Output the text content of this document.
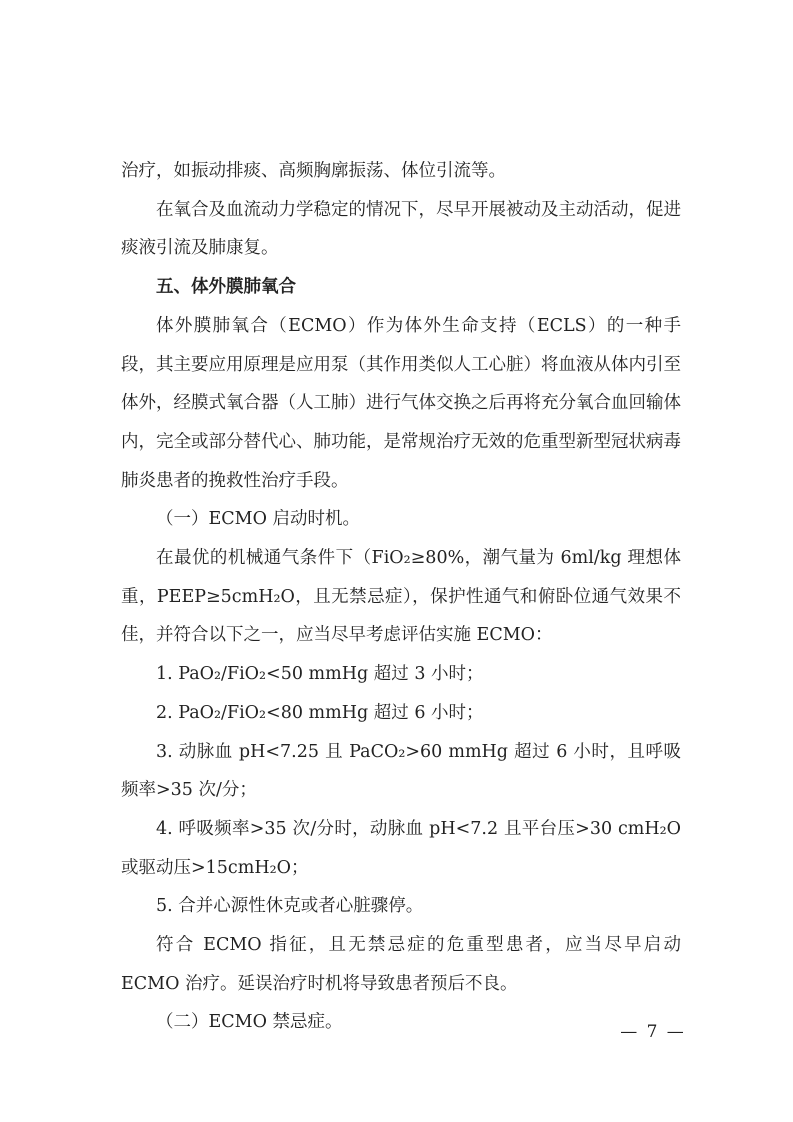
治疗，如振动排痰、高频胸廓振荡、体位引流等。

在氧合及血流动力学稳定的情况下，尽早开展被动及主动活动，促进痰液引流及肺康复。

五、体外膜肺氧合

体外膜肺氧合（ECMO）作为体外生命支持（ECLS）的一种手段，其主要应用原理是应用泵（其作用类似人工心脏）将血液从体内引至体外，经膜式氧合器（人工肺）进行气体交换之后再将充分氧合血回输体内，完全或部分替代心、肺功能，是常规治疗无效的危重型新型冠状病毒肺炎患者的挽救性治疗手段。

（一）ECMO 启动时机。

在最优的机械通气条件下（FiO₂≥80%，潮气量为 6ml/kg 理想体重，PEEP≥5cmH₂O，且无禁忌症），保护性通气和俯卧位通气效果不佳，并符合以下之一，应当尽早考虑评估实施 ECMO：

1. PaO₂/FiO₂<50 mmHg 超过 3 小时；

2. PaO₂/FiO₂<80 mmHg 超过 6 小时；

3. 动脉血 pH<7.25 且 PaCO₂>60 mmHg 超过 6 小时，且呼吸频率>35 次/分；

4. 呼吸频率>35 次/分时，动脉血 pH<7.2 且平台压>30 cmH₂O 或驱动压>15cmH₂O；

5. 合并心源性休克或者心脏骤停。

符合 ECMO 指征，且无禁忌症的危重型患者，应当尽早启动 ECMO 治疗。延误治疗时机将导致患者预后不良。

（二）ECMO 禁忌症。	— 7 —
